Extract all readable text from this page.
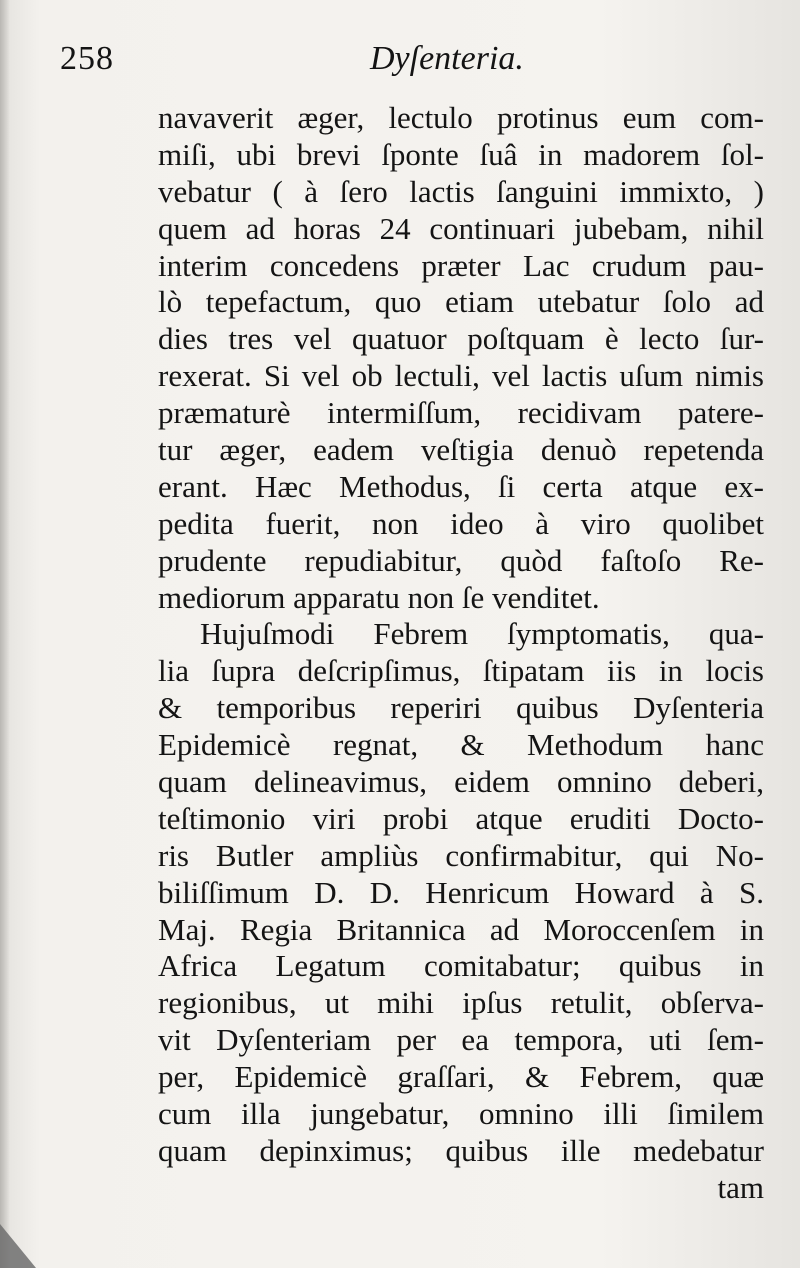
258	Dyſenteria.
navaverit æger, lectulo protinus eum com-
miſi, ubi brevi ſponte ſuâ in madorem ſol-
vebatur ( à ſero lactis ſanguini immixto, )
quem ad horas 24 continuari jubebam, nihil
interim concedens præter Lac crudum pau-
lò tepefactum, quo etiam utebatur ſolo ad
dies tres vel quatuor poſtquam è lecto ſur-
rexerat. Si vel ob lectuli, vel lactis uſum nimis
præmaturè intermiſſum, recidivam patere-
tur æger, eadem veſtigia denuò repetenda
erant. Hæc Methodus, ſi certa atque ex-
pedita fuerit, non ideo à viro quolibet
prudente repudiabitur, quòd faſtoſo Re-
mediorum apparatu non ſe venditet.
Hujuſmodi Febrem ſymptomatis, qua-
lia ſupra deſcripſimus, ſtipatam iis in locis
& temporibus reperiri quibus Dyſenteria
Epidemicè regnat, & Methodum hanc
quam delineavimus, eidem omnino deberi,
teſtimonio viri probi atque eruditi Docto-
ris Butler ampliùs confirmabitur, qui No-
biliſſimum D. D. Henricum Howard à S.
Maj. Regia Britannica ad Moroccenſem in
Africa Legatum comitabatur; quibus in
regionibus, ut mihi ipſus retulit, obſerva-
vit Dyſenteriam per ea tempora, uti ſem-
per, Epidemicè graſſari, & Febrem, quæ
cum illa jungebatur, omnino illi ſimilem
quam depinximus; quibus ille medebatur
tam
